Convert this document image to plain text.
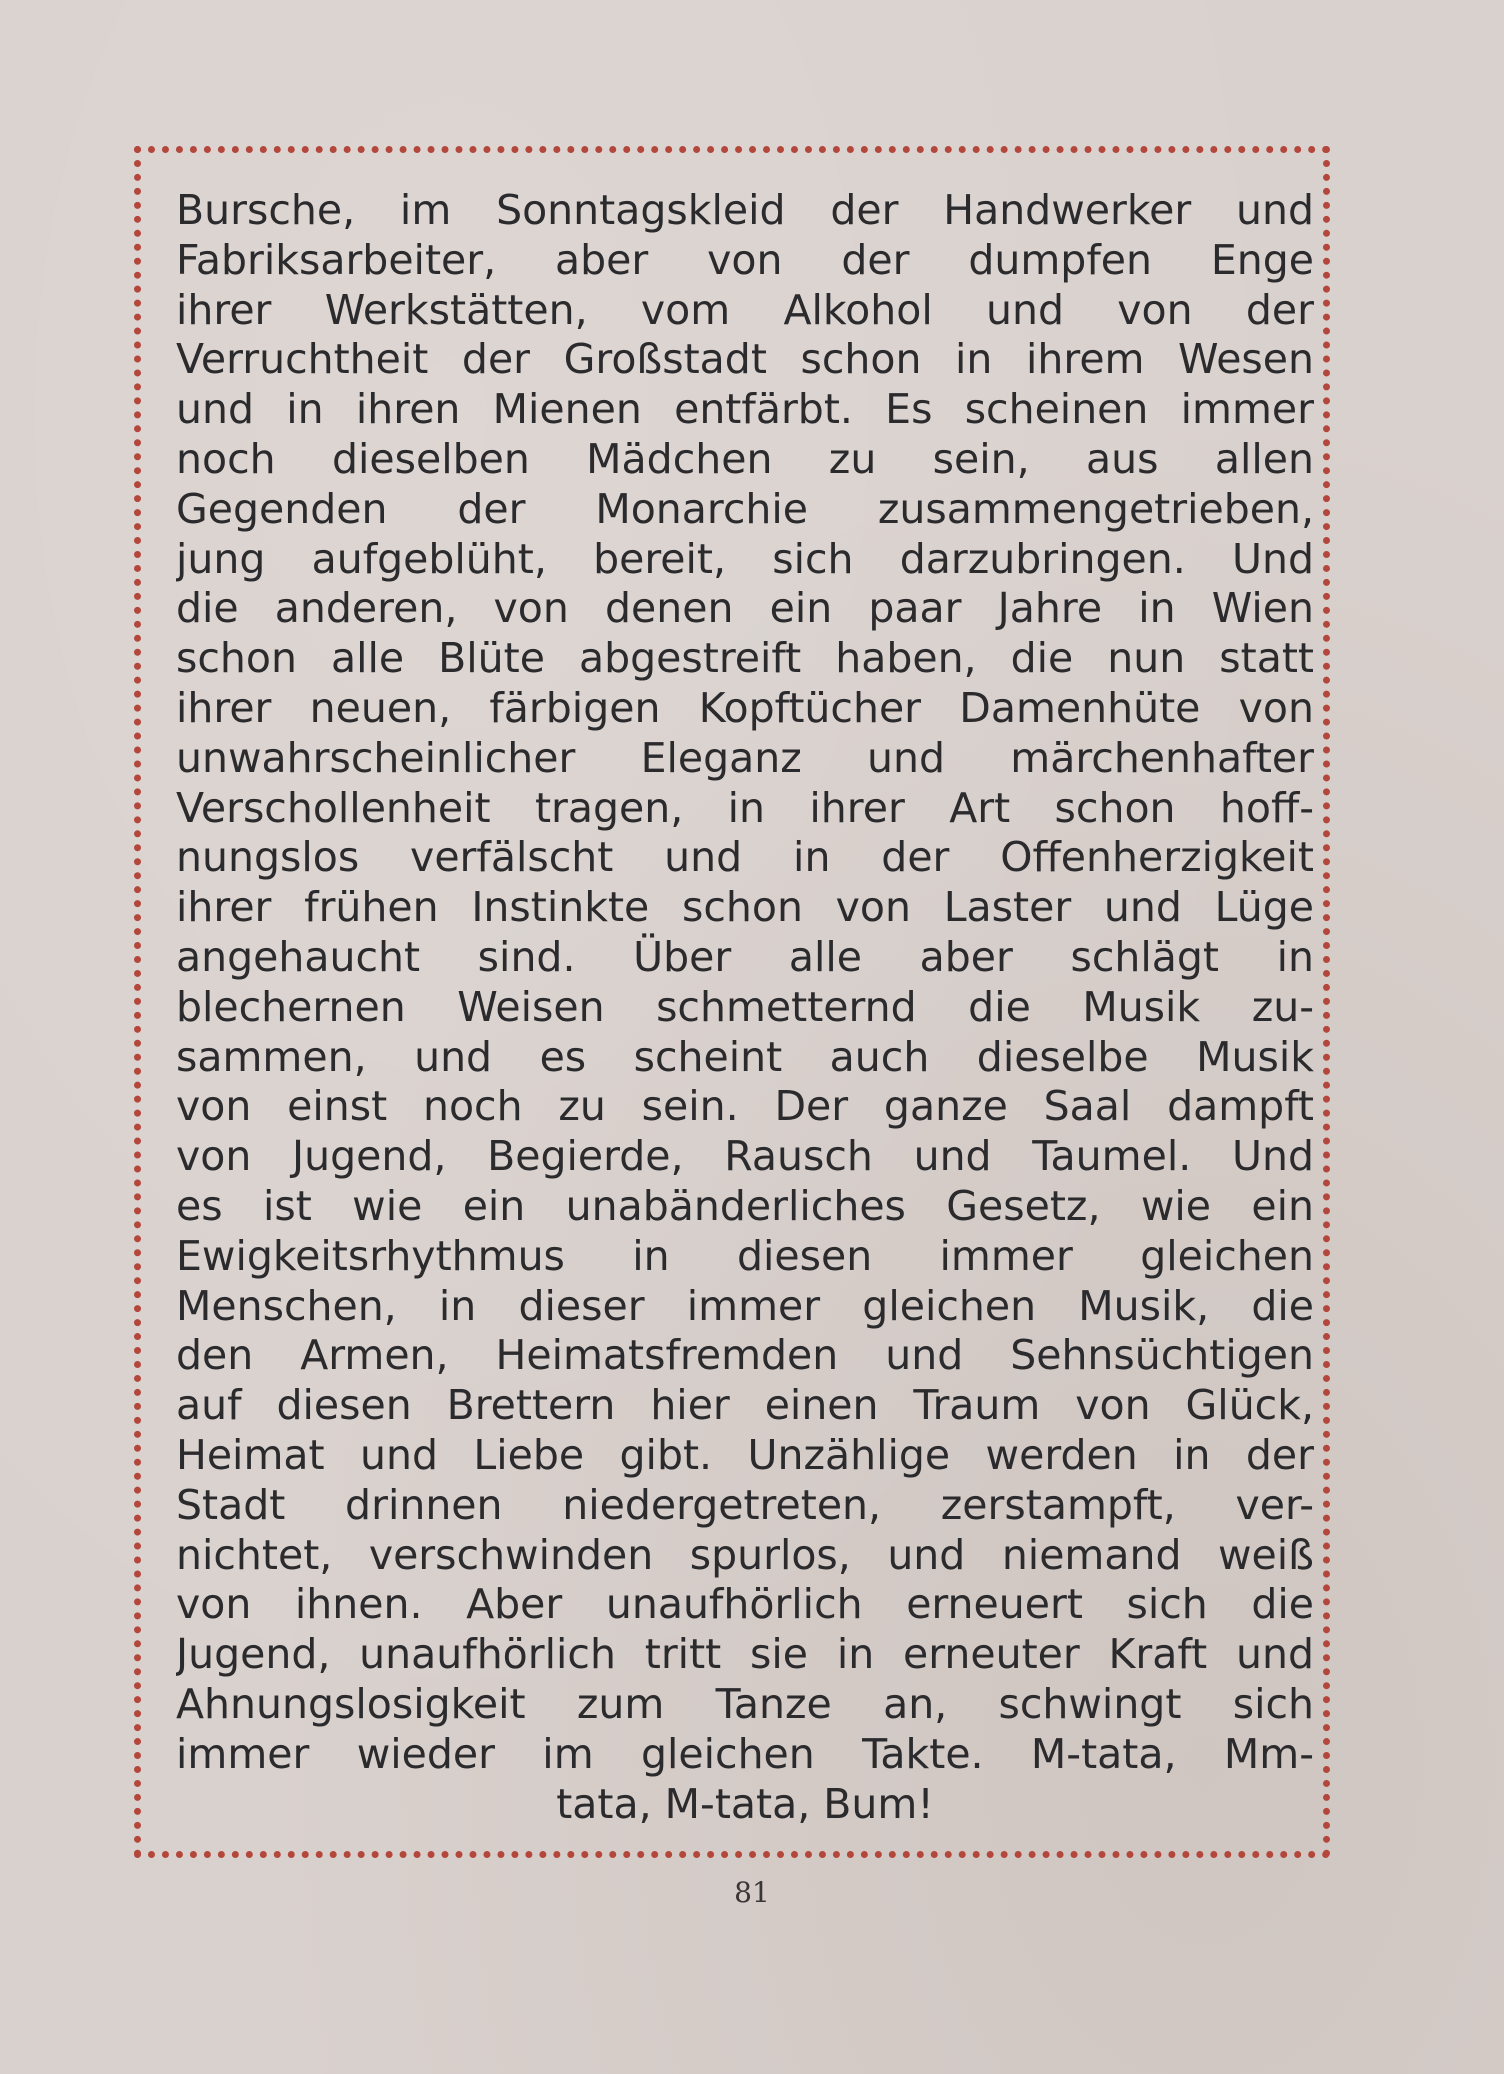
Bursche, im Sonntagskleid der Handwerker und
Fabriksarbeiter, aber von der dumpfen Enge
ihrer Werkstätten, vom Alkohol und von der
Verruchtheit der Großstadt schon in ihrem Wesen
und in ihren Mienen entfärbt. Es scheinen immer
noch dieselben Mädchen zu sein, aus allen
Gegenden der Monarchie zusammengetrieben,
jung aufgeblüht, bereit, sich darzubringen. Und
die anderen, von denen ein paar Jahre in Wien
schon alle Blüte abgestreift haben, die nun statt
ihrer neuen, färbigen Kopftücher Damenhüte von
unwahrscheinlicher Eleganz und märchenhafter
Verschollenheit tragen, in ihrer Art schon hoff-
nungslos verfälscht und in der Offenherzigkeit
ihrer frühen Instinkte schon von Laster und Lüge
angehaucht sind. Über alle aber schlägt in
blechernen Weisen schmetternd die Musik zu-
sammen, und es scheint auch dieselbe Musik
von einst noch zu sein. Der ganze Saal dampft
von Jugend, Begierde, Rausch und Taumel. Und
es ist wie ein unabänderliches Gesetz, wie ein
Ewigkeitsrhythmus in diesen immer gleichen
Menschen, in dieser immer gleichen Musik, die
den Armen, Heimatsfremden und Sehnsüchtigen
auf diesen Brettern hier einen Traum von Glück,
Heimat und Liebe gibt. Unzählige werden in der
Stadt drinnen niedergetreten, zerstampft, ver-
nichtet, verschwinden spurlos, und niemand weiß
von ihnen. Aber unaufhörlich erneuert sich die
Jugend, unaufhörlich tritt sie in erneuter Kraft und
Ahnungslosigkeit zum Tanze an, schwingt sich
immer wieder im gleichen Takte. M-tata, Mm-
tata, M-tata, Bum!
81
